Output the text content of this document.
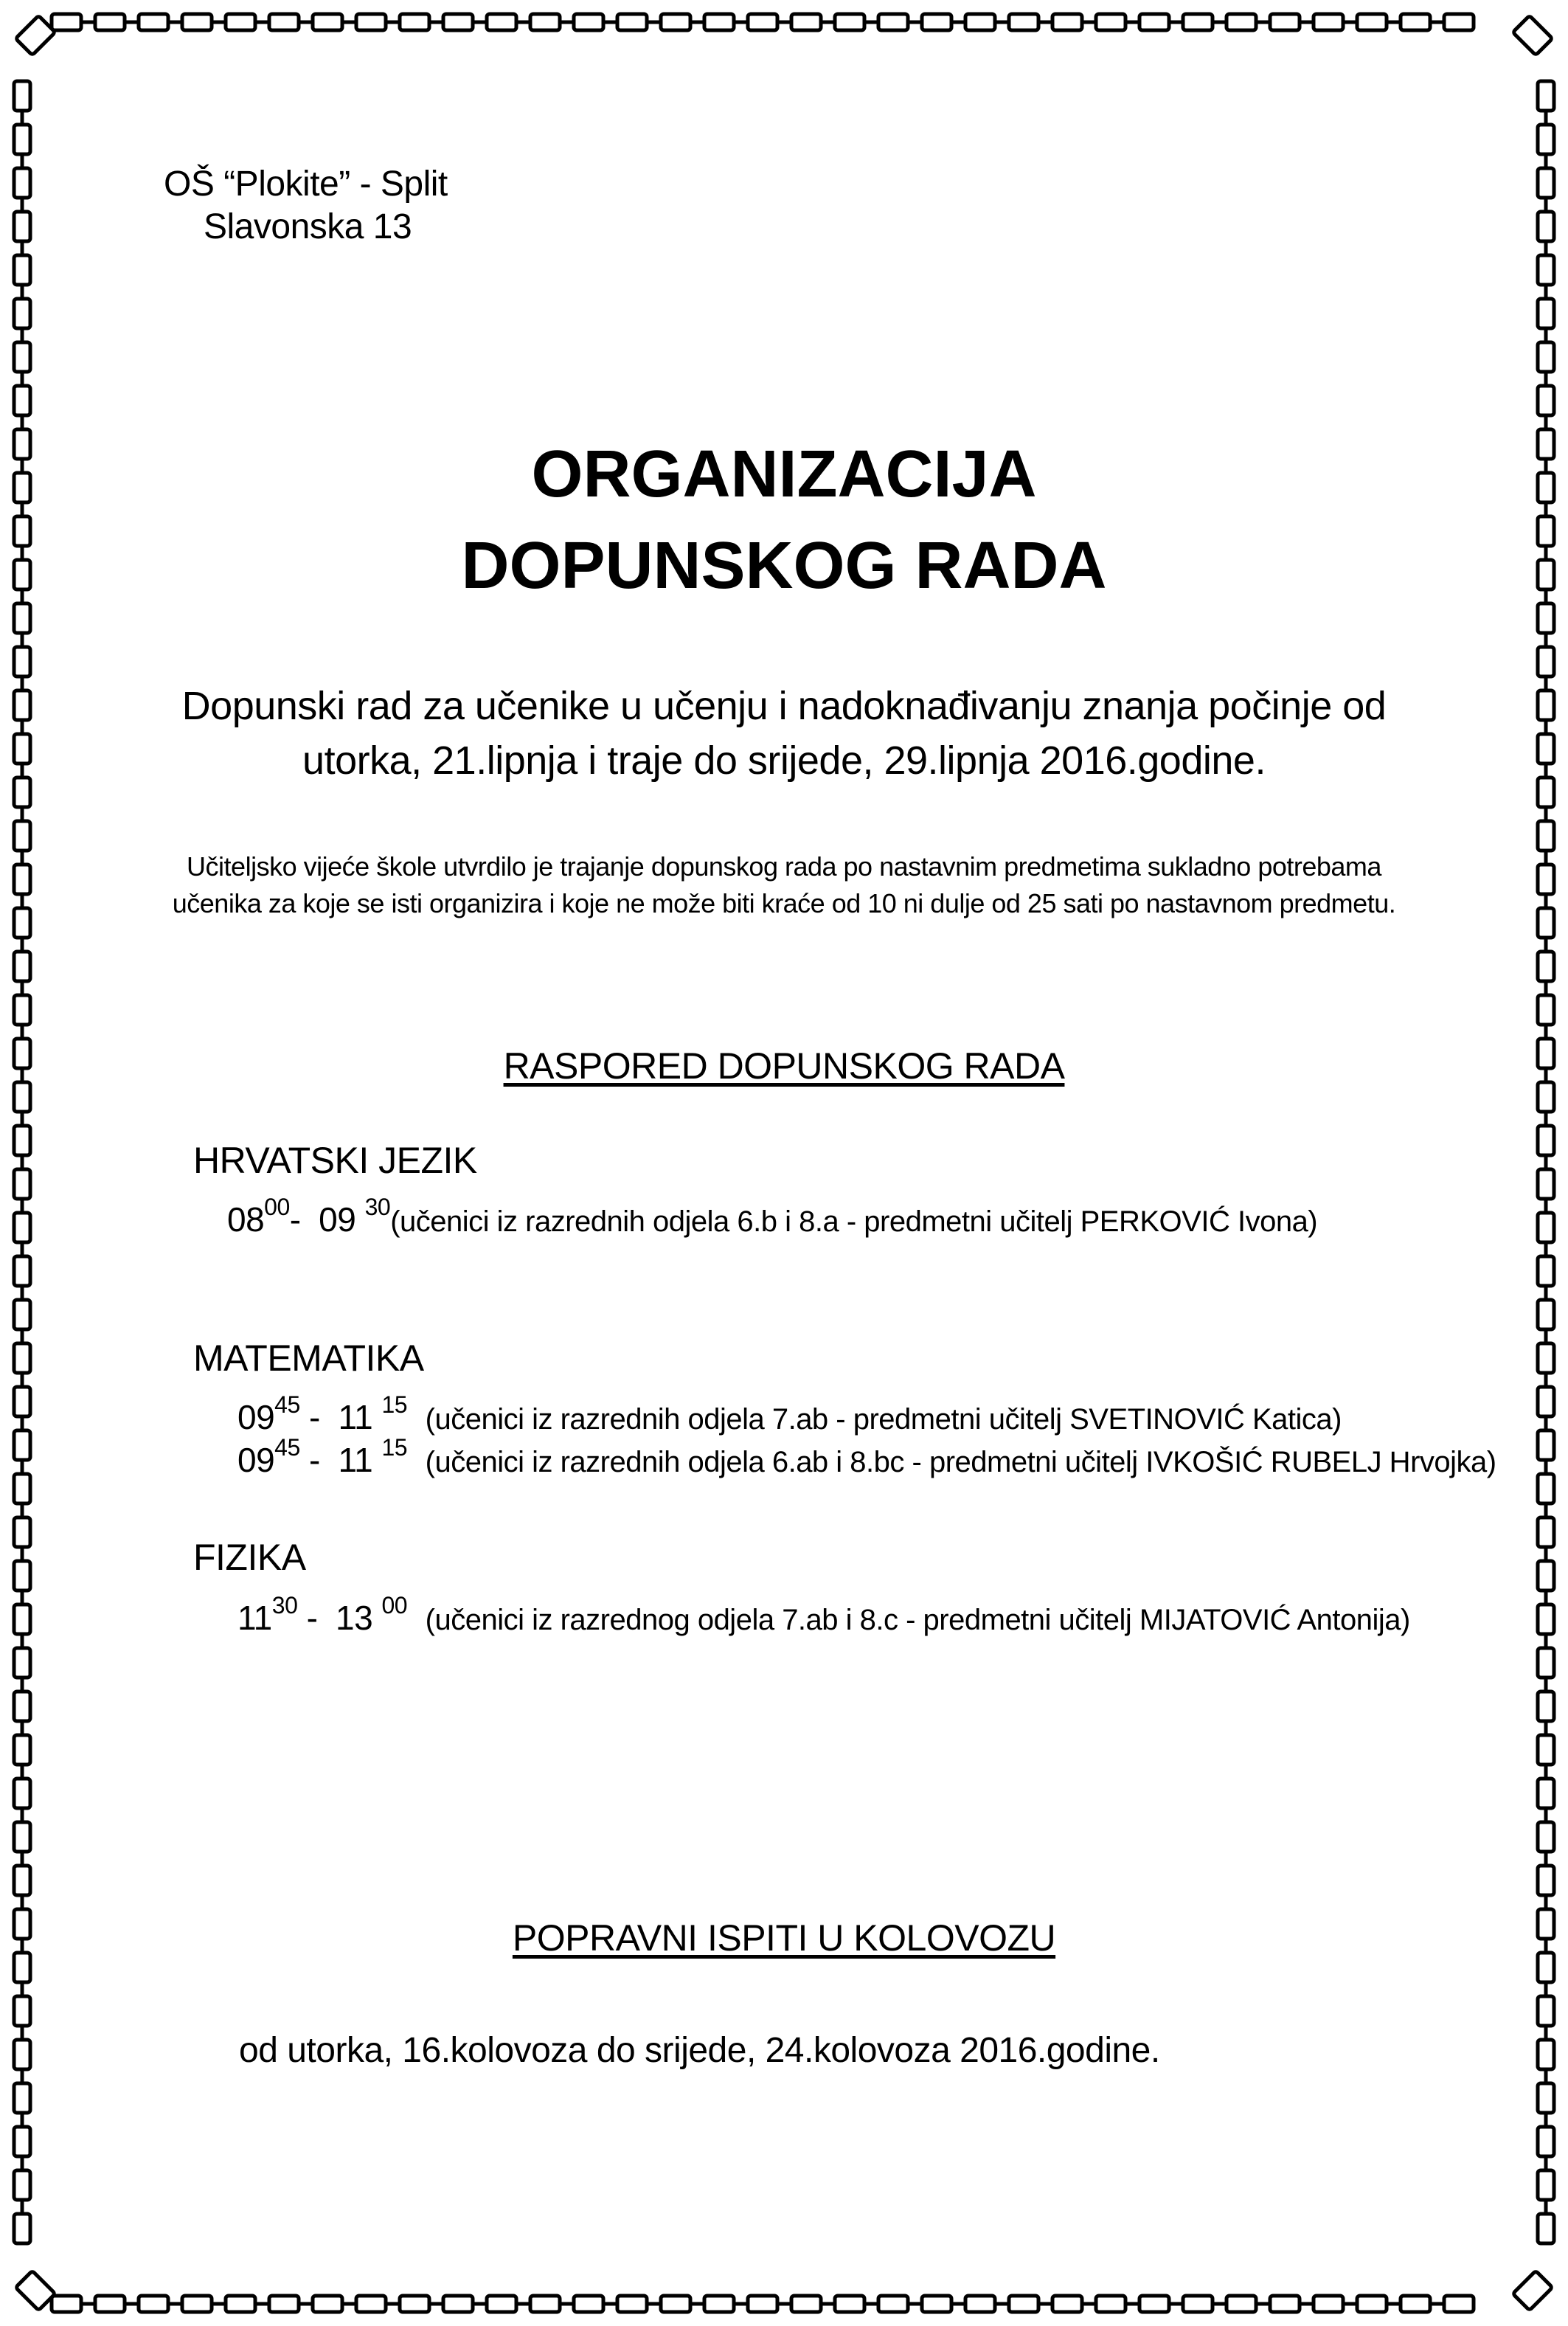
OŠ “Plokite” - Split
Slavonska 13
ORGANIZACIJA
DOPUNSKOG RADA
Dopunski rad za učenike u učenju i nadoknađivanju znanja počinje od
utorka, 21.lipnja i traje do srijede, 29.lipnja 2016.godine.
Učiteljsko vijeće škole utvrdilo je trajanje dopunskog rada po nastavnim predmetima sukladno potrebama
učenika za koje se isti organizira i koje ne može biti kraće od 10 ni dulje od 25 sati po nastavnom predmetu.
RASPORED DOPUNSKOG RADA
HRVATSKI JEZIK
$08^{00}-$ 09 $^{30}$(učenici iz razrednih odjela 6.b i 8.a - predmetni učitelj PERKOVIĆ Ivona)
MATEMATIKA
$09^{45} - 11$ $^{15}$ (učenici iz razrednih odjela 7.ab - predmetni učitelj SVETINOVIĆ Katica)
$09^{45} - 11$ $^{15}$ (učenici iz razrednih odjela 6.ab i 8.bc - predmetni učitelj IVKOŠIĆ RUBELJ Hrvojka)
FIZIKA
$11^{30} - 13$ $^{00}$ (učenici iz razrednog odjela 7.ab i 8.c - predmetni učitelj MIJATOVIĆ Antonija)
POPRAVNI ISPITI U KOLOVOZU
od utorka, 16.kolovoza do srijede, 24.kolovoza 2016.godine.
